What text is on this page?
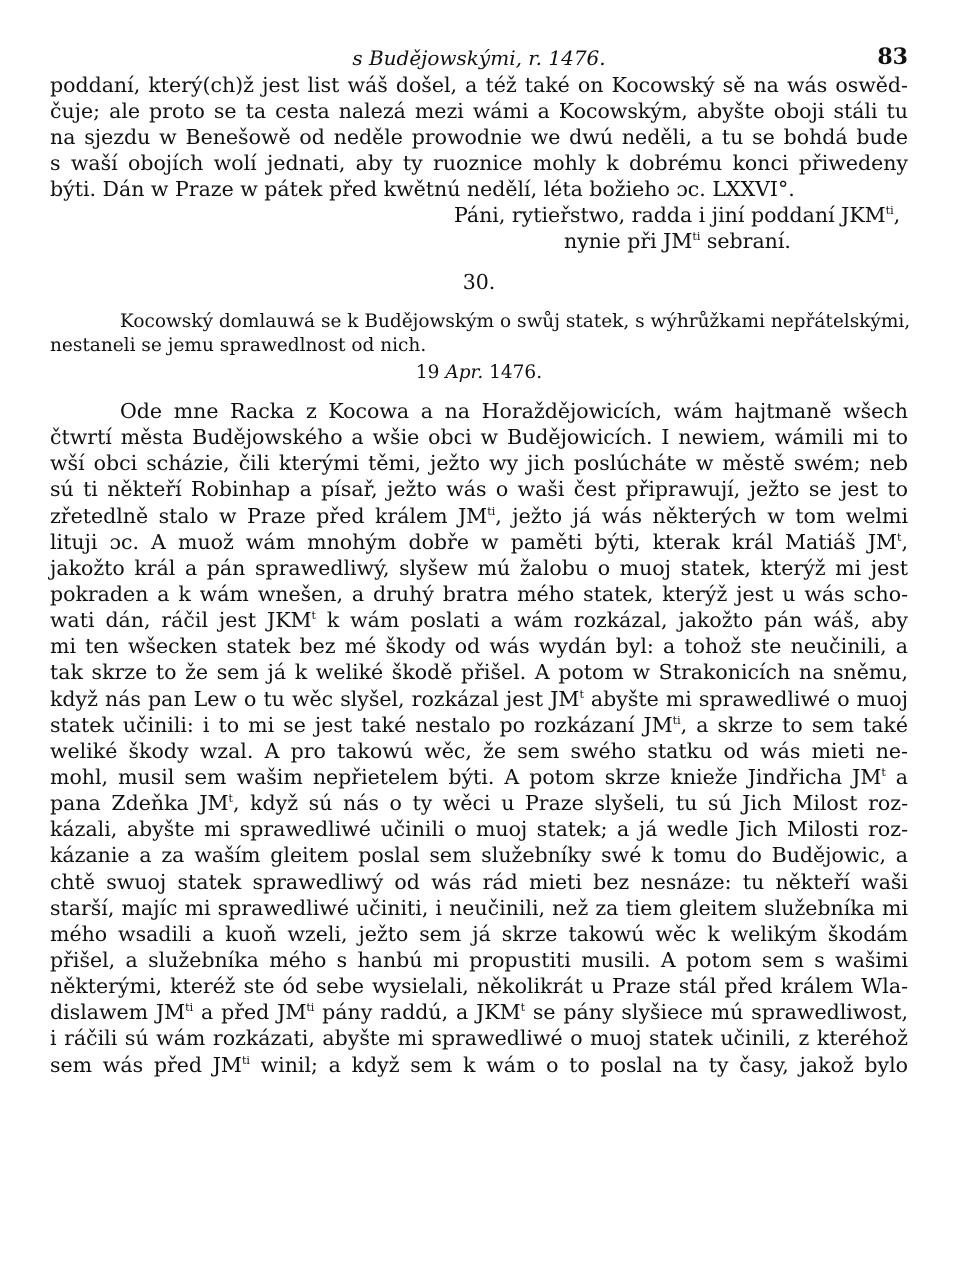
s Budějowskými, r. 1476.	83
poddaní, který(ch)ž jest list wáš došel, a též také on Kocowský sě na wás oswěd-
čuje; ale proto se ta cesta nalezá mezi wámi a Kocowským, abyšte oboji stáli tu
na sjezdu w Benešowě od neděle prowodnie we dwú neděli, a tu se bohdá bude
s waší obojích wolí jednati, aby ty ruoznice mohly k dobrému konci přiwedeny
býti. Dán w Praze w pátek před kwětnú nedělí, léta božieho ɔc. LXXVI°.
Páni, rytieřstwo, radda i jiní poddaní $JKM^{ti}$,
nynie při $JM^{ti}$ sebraní.
30.
Kocowský domlauwá se k Budějowským o swůj statek, s wýhrůžkami nepřátelskými,
nestaneli se jemu sprawedlnost od nich.
19 Apr. 1476.
Ode mne Racka z Kocowa a na Horaždějowicích, wám hajtmaně wšech
čtwrtí města Budějowského a wšie obci w Budějowicích. I newiem, wámili mi to
wší obci scházie, čili kterými těmi, ježto wy jich poslúcháte w městě swém; neb
sú ti někteří Robinhap a písař, ježto wás o waši čest připrawují, ježto se jest to
zřetedlně stalo w Praze před králem $JM^{ti}$, ježto já wás některých w tom welmi
lituji ɔc. A muož wám mnohým dobře w paměti býti, kterak král Matiáš $JM^t$,
jakožto král a pán sprawedliwý, slyšew mú žalobu o muoj statek, kterýž mi jest
pokraden a k wám wnešen, a druhý bratra mého statek, kterýž jest u wás scho-
wati dán, ráčil jest JKM$^t$ k wám poslati a wám rozkázal, jakožto pán wáš, aby
mi ten wšecken statek bez mé škody od wás wydán byl: a tohož ste neučinili, a
tak skrze to že sem já k weliké škodě přišel. A potom w Strakonicích na sněmu,
když nás pan Lew o tu wěc slyšel, rozkázal jest $JM^t$ abyšte mi sprawedliwé o muoj
statek učinili: i to mi se jest také nestalo po rozkázaní $JM^{ti}$, a skrze to sem také
weliké škody wzal. A pro takowú wěc, že sem swého statku od wás mieti ne-
mohl, musil sem wašim nepřietelem býti. A potom skrze knieže Jindřicha $JM^t$ a
pana Zdeňka $JM^t$, když sú nás o ty wěci u Praze slyšeli, tu sú Jich Milost roz-
kázali, abyšte mi sprawedliwé učinili o muoj statek; a já wedle Jich Milosti roz-
kázanie a za waším gleitem poslal sem služebníky swé k tomu do Budějowic, a
chtě swuoj statek sprawedliwý od wás rád mieti bez nesnáze: tu někteří waši
starší, majíc mi sprawedliwé učiniti, i neučinili, než za tiem gleitem služebníka mi
mého wsadili a kuoň wzeli, ježto sem já skrze takowú wěc k welikým škodám
přišel, a služebníka mého s hanbú mi propustiti musili. A potom sem s wašimi
některými, kteréž ste ód sebe wysielali, několikrát u Praze stál před králem Wla-
dislawem $JM^{ti}$ a před $JM^{ti}$ pány raddú, a JKM$^t$ se pány slyšiece mú sprawedliwost,
i ráčili sú wám rozkázati, abyšte mi sprawedliwé o muoj statek učinili, z kteréhož
sem wás před $JM^{ti}$ winil; a když sem k wám o to poslal na ty časy, jakož bylo
